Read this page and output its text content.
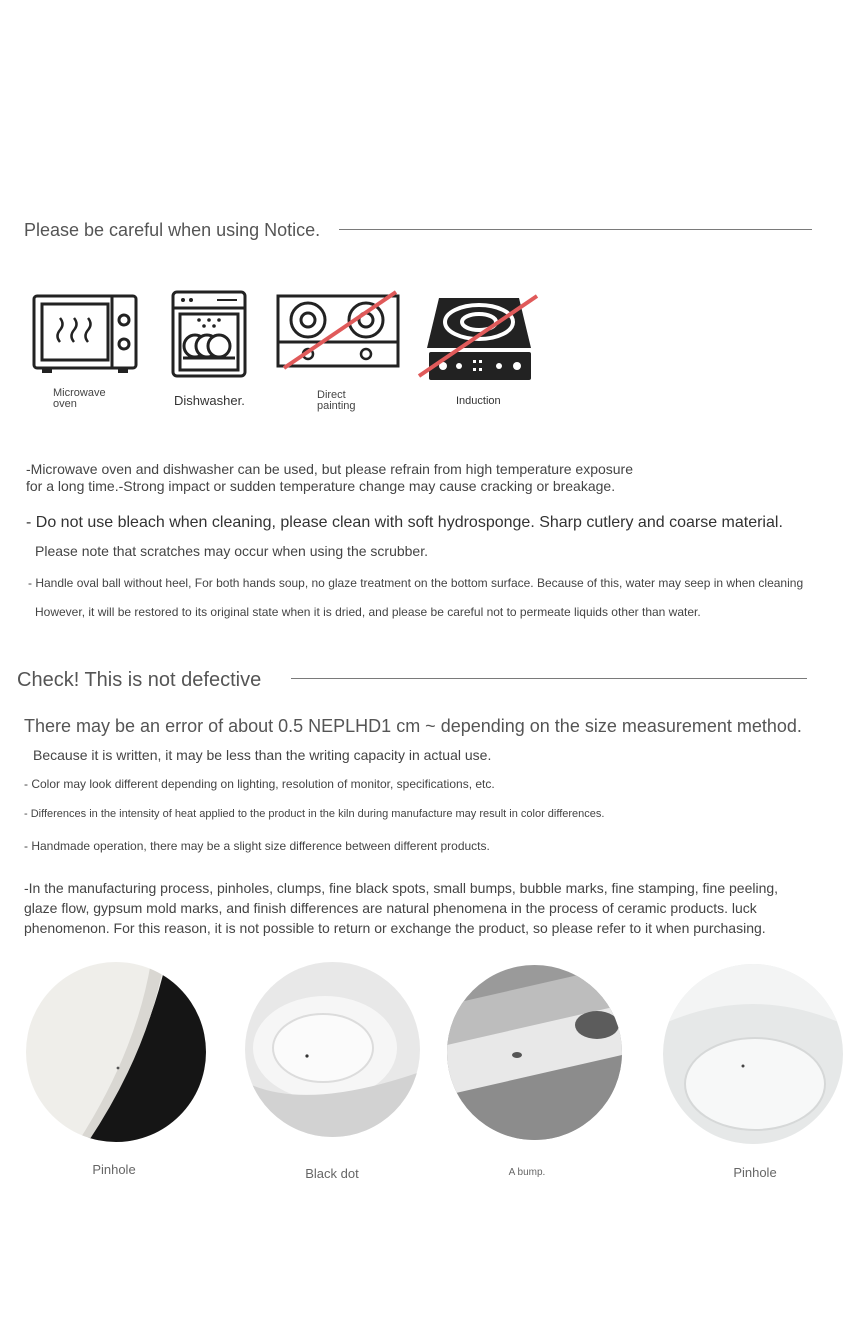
Please be careful when using Notice.
Microwave
oven	Dishwasher.	Direct
painting	Induction
-Microwave oven and dishwasher can be used, but please refrain from high temperature exposure
for a long time.-Strong impact or sudden temperature change may cause cracking or breakage.
- Do not use bleach when cleaning, please clean with soft hydrosponge. Sharp cutlery and coarse material.
Please note that scratches may occur when using the scrubber.
- Handle oval ball without heel, For both hands soup, no glaze treatment on the bottom surface. Because of this, water may seep in when cleaning
However, it will be restored to its original state when it is dried, and please be careful not to permeate liquids other than water.
Check! This is not defective
There may be an error of about 0.5 NEPLHD1 cm ~ depending on the size measurement method.
Because it is written, it may be less than the writing capacity in actual use.
- Color may look different depending on lighting, resolution of monitor, specifications, etc.
- Differences in the intensity of heat applied to the product in the kiln during manufacture may result in color differences.
- Handmade operation, there may be a slight size difference between different products.
-In the manufacturing process, pinholes, clumps, fine black spots, small bumps, bubble marks, fine stamping, fine peeling,
glaze flow, gypsum mold marks, and finish differences are natural phenomena in the process of ceramic products. luck
phenomenon. For this reason, it is not possible to return or exchange the product, so please refer to it when purchasing.
Pinhole	Black dot	A bump.	Pinhole
